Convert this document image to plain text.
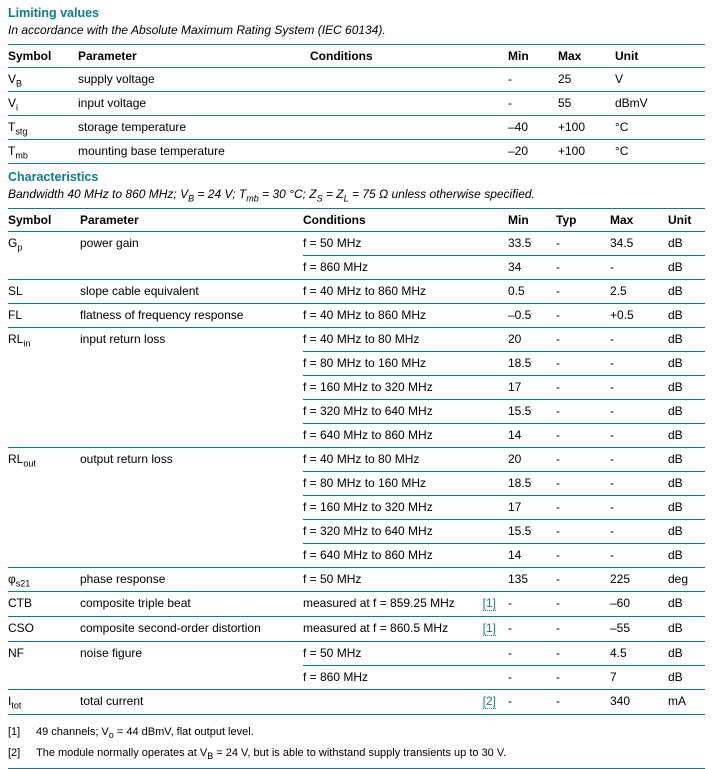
Limiting values

In accordance with the Absolute Maximum Rating System (IEC 60134).

Symbol	Parameter	Conditions	Min	Max	Unit
$V_B$	supply voltage		-	25	V
$V_i$	input voltage		-	55	dBmV
$T_{stg}$	storage temperature		–40	+100	°C
$T_{mb}$	mounting base temperature		–20	+100	°C
Characteristics

Bandwidth 40 MHz to 860 MHz; $V_B = 24$ V; $T_{mb} = 30$ °C; $Z_S = Z_L = 75$ Ω unless otherwise specified.

Symbol	Parameter	Conditions	Min	Typ	Max	Unit
$G_p$	power gain	f = 50 MHz	33.5	-	34.5	dB
		f = 860 MHz	34	-	-	dB
SL	slope cable equivalent	f = 40 MHz to 860 MHz	0.5	-	2.5	dB
FL	flatness of frequency response	f = 40 MHz to 860 MHz	–0.5	-	+0.5	dB
$RL_{in}$	input return loss	f = 40 MHz to 80 MHz	20	-	-	dB
		f = 80 MHz to 160 MHz	18.5	-	-	dB
		f = 160 MHz to 320 MHz	17	-	-	dB
		f = 320 MHz to 640 MHz	15.5	-	-	dB
		f = 640 MHz to 860 MHz	14	-	-	dB
$RL_{out}$	output return loss	f = 40 MHz to 80 MHz	20	-	-	dB
		f = 80 MHz to 160 MHz	18.5	-	-	dB
		f = 160 MHz to 320 MHz	17	-	-	dB
		f = 320 MHz to 640 MHz	15.5	-	-	dB
		f = 640 MHz to 860 MHz	14	-	-	dB
$\varphi_{s21}$	phase response	f = 50 MHz	135	-	225	deg
CTB	composite triple beat	measured at f = 859.25 MHz [1]	-	-	–60	dB
CSO	composite second-order distortion	measured at f = 860.5 MHz [1]	-	-	–55	dB
NF	noise figure	f = 50 MHz	-	-	4.5	dB
		f = 860 MHz	-	-	7	dB
$I_{tot}$	total current	[2]	-	-	340	mA
[1]	49 channels; $V_o = 44$ dBmV, flat output level.
[2]	The module normally operates at $V_B = 24$ V, but is able to withstand supply transients up to 30 V.
